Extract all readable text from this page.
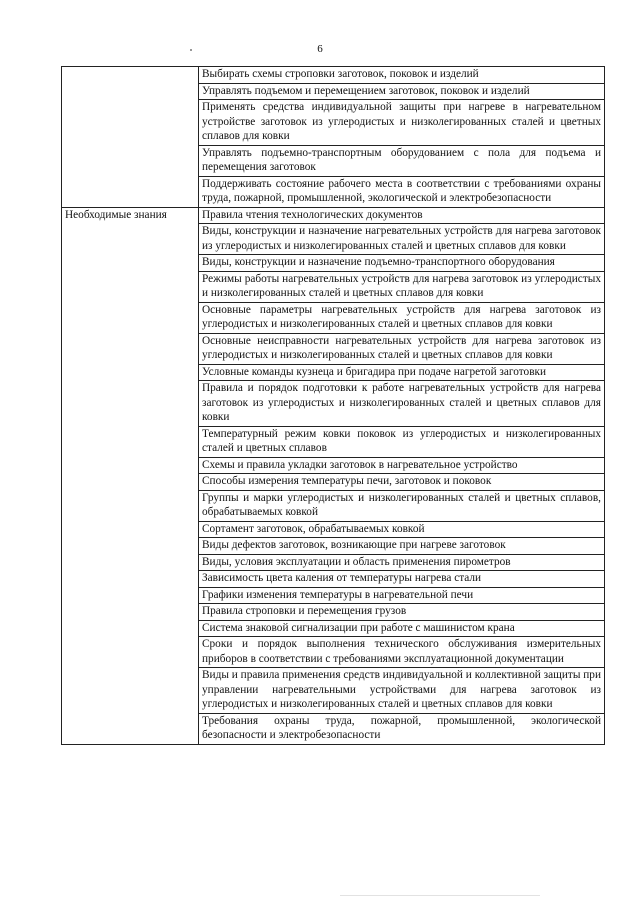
6
	Выбирать схемы строповки заготовок, поковок и изделий
	Управлять подъемом и перемещением заготовок, поковок и изделий
	Применять средства индивидуальной защиты при нагреве в нагревательном устройстве заготовок из углеродистых и низколегированных сталей и цветных сплавов для ковки
	Управлять подъемно-транспортным оборудованием с пола для подъема и перемещения заготовок
	Поддерживать состояние рабочего места в соответствии с требованиями охраны труда, пожарной, промышленной, экологической и электробезопасности
Необходимые знания	Правила чтения технологических документов
	Виды, конструкции и назначение нагревательных устройств для нагрева заготовок из углеродистых и низколегированных сталей и цветных сплавов для ковки
	Виды, конструкции и назначение подъемно-транспортного оборудования
	Режимы работы нагревательных устройств для нагрева заготовок из углеродистых и низколегированных сталей и цветных сплавов для ковки
	Основные параметры нагревательных устройств для нагрева заготовок из углеродистых и низколегированных сталей и цветных сплавов для ковки
	Основные неисправности нагревательных устройств для нагрева заготовок из углеродистых и низколегированных сталей и цветных сплавов для ковки
	Условные команды кузнеца и бригадира при подаче нагретой заготовки
	Правила и порядок подготовки к работе нагревательных устройств для нагрева заготовок из углеродистых и низколегированных сталей и цветных сплавов для ковки
	Температурный режим ковки поковок из углеродистых и низколегированных сталей и цветных сплавов
	Схемы и правила укладки заготовок в нагревательное устройство
	Способы измерения температуры печи, заготовок и поковок
	Группы и марки углеродистых и низколегированных сталей и цветных сплавов, обрабатываемых ковкой
	Сортамент заготовок, обрабатываемых ковкой
	Виды дефектов заготовок, возникающие при нагреве заготовок
	Виды, условия эксплуатации и область применения пирометров
	Зависимость цвета каления от температуры нагрева стали
	Графики изменения температуры в нагревательной печи
	Правила строповки и перемещения грузов
	Система знаковой сигнализации при работе с машинистом крана
	Сроки и порядок выполнения технического обслуживания измерительных приборов в соответствии с требованиями эксплуатационной документации
	Виды и правила применения средств индивидуальной и коллективной защиты при управлении нагревательными устройствами для нагрева заготовок из углеродистых и низколегированных сталей и цветных сплавов для ковки
	Требования охраны труда, пожарной, промышленной, экологической безопасности и электробезопасности
